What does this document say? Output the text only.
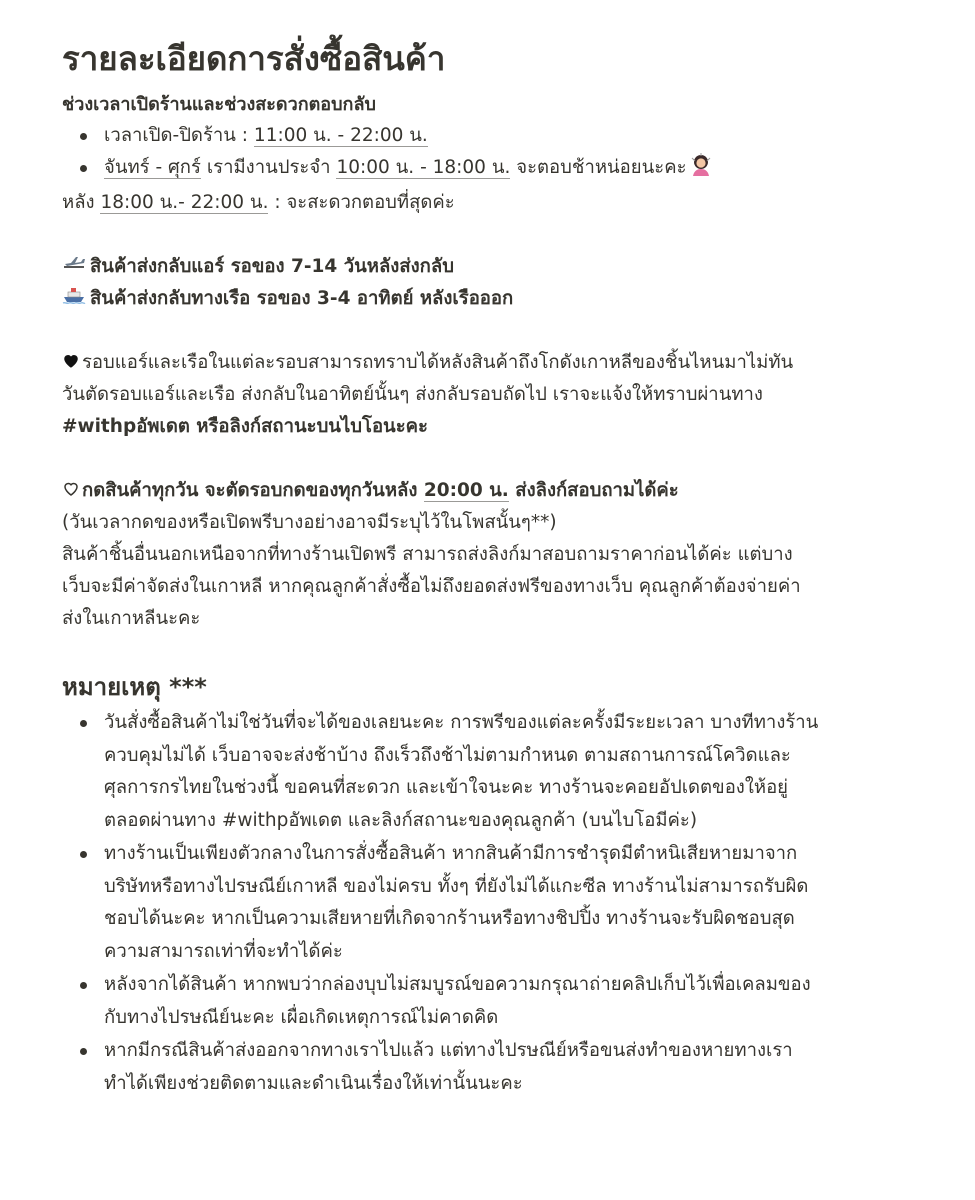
รายละเอียดการสั่งซื้อสินค้า
ช่วงเวลาเปิดร้านและช่วงสะดวกตอบกลับ
เวลาเปิด-ปิดร้าน : 11:00 น. - 22:00 น.
จันทร์ - ศุกร์ เรามีงานประจำ 10:00 น. - 18:00 น. จะตอบช้าหน่อยนะคะ
หลัง 18:00 น.- 22:00 น. : จะสะดวกตอบที่สุดค่ะ
สินค้าส่งกลับแอร์ รอของ 7-14 วันหลังส่งกลับ
สินค้าส่งกลับทางเรือ รอของ 3-4 อาทิตย์ หลังเรือออก
รอบแอร์และเรือในแต่ละรอบสามารถทราบได้หลังสินค้าถึงโกดังเกาหลีของชิ้นไหนมาไม่ทัน
วันตัดรอบแอร์และเรือ ส่งกลับในอาทิตย์นั้นๆ ส่งกลับรอบถัดไป เราจะแจ้งให้ทราบผ่านทาง
#withpอัพเดต หรือลิงก์สถานะบนไบโอนะคะ
กดสินค้าทุกวัน จะตัดรอบกดของทุกวันหลัง 20:00 น. ส่งลิงก์สอบถามได้ค่ะ
(วันเวลากดของหรือเปิดพรีบางอย่างอาจมีระบุไว้ในโพสนั้นๆ**)
สินค้าชิ้นอื่นนอกเหนือจากที่ทางร้านเปิดพรี สามารถส่งลิงก์มาสอบถามราคาก่อนได้ค่ะ แต่บาง
เว็บจะมีค่าจัดส่งในเกาหลี หากคุณลูกค้าสั่งซื้อไม่ถึงยอดส่งฟรีของทางเว็บ คุณลูกค้าต้องจ่ายค่า
ส่งในเกาหลีนะคะ
หมายเหตุ ***
วันสั่งซื้อสินค้าไม่ใช่วันที่จะได้ของเลยนะคะ การพรีของแต่ละครั้งมีระยะเวลา บางทีทางร้าน
ควบคุมไม่ได้ เว็บอาจจะส่งช้าบ้าง ถึงเร็วถึงช้าไม่ตามกำหนด ตามสถานการณ์โควิดและ
ศุลการกรไทยในช่วงนี้ ขอคนที่สะดวก และเข้าใจนะคะ ทางร้านจะคอยอัปเดตของให้อยู่
ตลอดผ่านทาง #withpอัพเดต และลิงก์สถานะของคุณลูกค้า (บนไบโอมีค่ะ)
ทางร้านเป็นเพียงตัวกลางในการสั่งซื้อสินค้า หากสินค้ามีการชำรุดมีตำหนิเสียหายมาจาก
บริษัทหรือทางไปรษณีย์เกาหลี ของไม่ครบ ทั้งๆ ที่ยังไม่ได้แกะซีล ทางร้านไม่สามารถรับผิด
ชอบได้นะคะ หากเป็นความเสียหายที่เกิดจากร้านหรือทางชิปปิ้ง ทางร้านจะรับผิดชอบสุด
ความสามารถเท่าที่จะทำได้ค่ะ
หลังจากได้สินค้า หากพบว่ากล่องบุบไม่สมบูรณ์ขอความกรุณาถ่ายคลิปเก็บไว้เพื่อเคลมของ
กับทางไปรษณีย์นะคะ เผื่อเกิดเหตุการณ์ไม่คาดคิด
หากมีกรณีสินค้าส่งออกจากทางเราไปแล้ว แต่ทางไปรษณีย์หรือขนส่งทำของหายทางเรา
ทำได้เพียงช่วยติดตามและดำเนินเรื่องให้เท่านั้นนะคะ
